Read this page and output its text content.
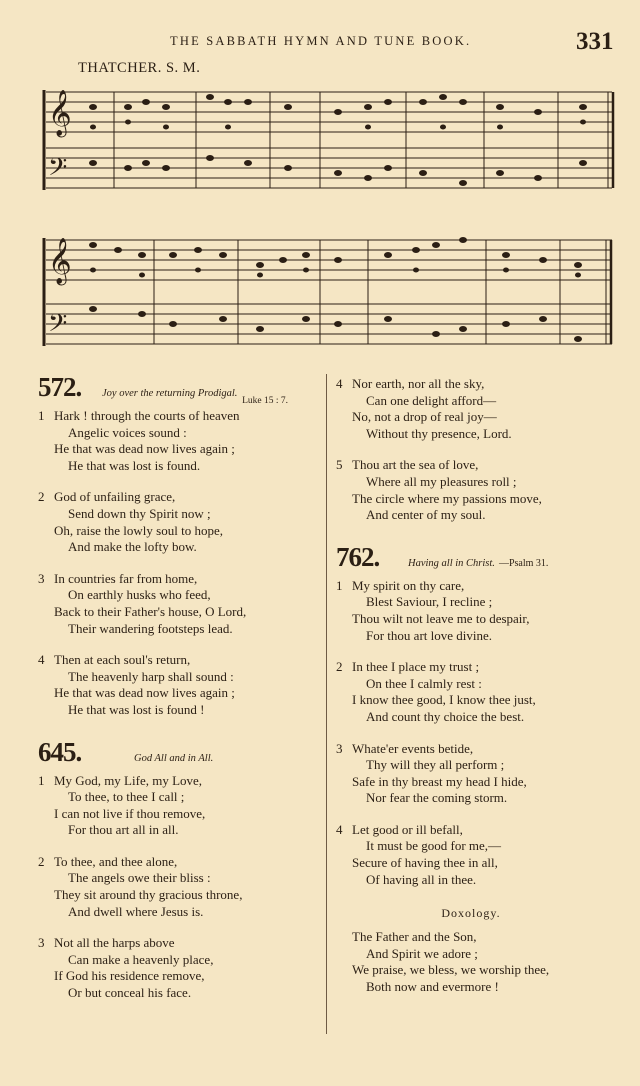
THE SABBATH HYMN AND TUNE BOOK.	331
THATCHER. S. M.
𝄞
𝄢
𝄞
𝄢
572.	Joy over the returning Prodigal.
Luke 15 : 7.
1 Hark ! through the courts of heaven
Angelic voices sound :
He that was dead now lives again ;
He that was lost is found.
2 God of unfailing grace,
Send down thy Spirit now ;
Oh, raise the lowly soul to hope,
And make the lofty bow.
3 In countries far from home,
On earthly husks who feed,
Back to their Father's house, O Lord,
Their wandering footsteps lead.
4 Then at each soul's return,
The heavenly harp shall sound :
He that was dead now lives again ;
He that was lost is found !
645.	God All and in All.
1 My God, my Life, my Love,
To thee, to thee I call ;
I can not live if thou remove,
For thou art all in all.
2 To thee, and thee alone,
The angels owe their bliss :
They sit around thy gracious throne,
And dwell where Jesus is.
3 Not all the harps above
Can make a heavenly place,
If God his residence remove,
Or but conceal his face.
4 Nor earth, nor all the sky,
Can one delight afford—
No, not a drop of real joy—
Without thy presence, Lord.
5 Thou art the sea of love,
Where all my pleasures roll ;
The circle where my passions move,
And center of my soul.
762.	Having all in Christ. —Psalm 31.
1 My spirit on thy care,
Blest Saviour, I recline ;
Thou wilt not leave me to despair,
For thou art love divine.
2 In thee I place my trust ;
On thee I calmly rest :
I know thee good, I know thee just,
And count thy choice the best.
3 Whate'er events betide,
Thy will they all perform ;
Safe in thy breast my head I hide,
Nor fear the coming storm.
4 Let good or ill befall,
It must be good for me,—
Secure of having thee in all,
Of having all in thee.
Doxology.
The Father and the Son,
And Spirit we adore ;
We praise, we bless, we worship thee,
Both now and evermore !
